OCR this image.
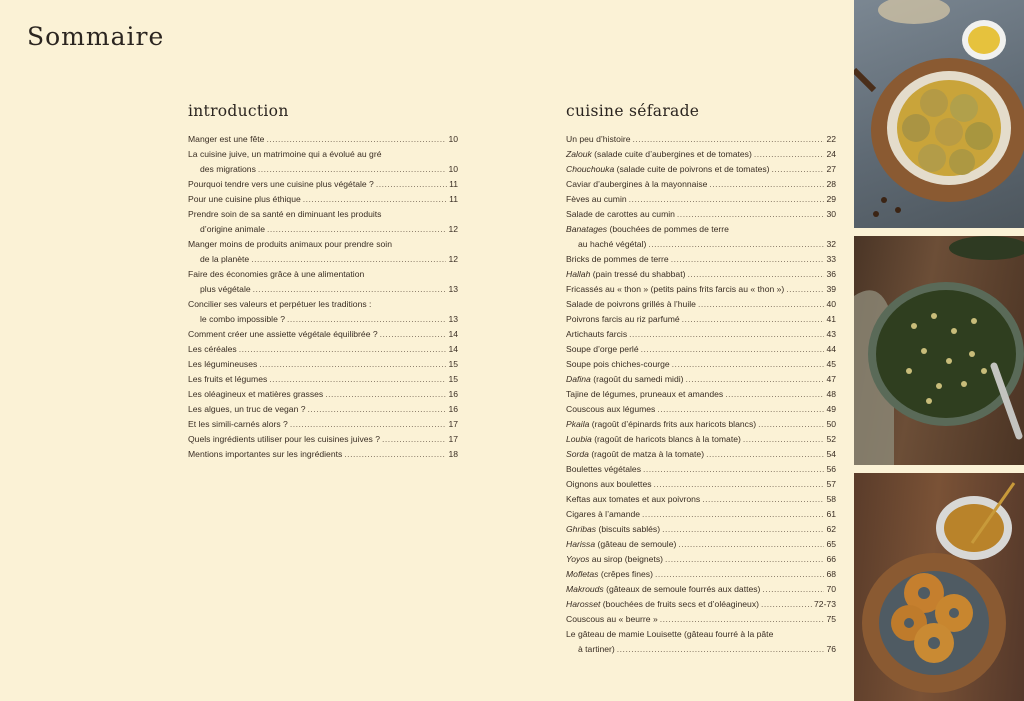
Sommaire
introduction
Manger est une fête .....	10
La cuisine juive, un matrimoine qui a évolué au gré
des migrations .....	10
Pourquoi tendre vers une cuisine plus végétale ? .....	11
Pour une cuisine plus éthique .....	11
Prendre soin de sa santé en diminuant les produits
d’origine animale .....	12
Manger moins de produits animaux pour prendre soin
de la planète .....	12
Faire des économies grâce à une alimentation
plus végétale .....	13
Concilier ses valeurs et perpétuer les traditions :
le combo impossible ? .....	13
Comment créer une assiette végétale équilibrée ? .....	14
Les céréales .....	14
Les légumineuses .....	15
Les fruits et légumes .....	15
Les oléagineux et matières grasses .....	16
Les algues, un truc de vegan ? .....	16
Et les simili-carnés alors ? .....	17
Quels ingrédients utiliser pour les cuisines juives ? .....	17
Mentions importantes sur les ingrédients .....	18
cuisine séfarade
Un peu d’histoire .....	22
Zalouk (salade cuite d’aubergines et de tomates) .....	24
Chouchouka (salade cuite de poivrons et de tomates) .....	27
Caviar d’aubergines à la mayonnaise .....	28
Fèves au cumin .....	29
Salade de carottes au cumin .....	30
Banatages (bouchées de pommes de terre
au haché végétal) .....	32
Bricks de pommes de terre .....	33
Hallah (pain tressé du shabbat) .....	36
Fricassés au « thon » (petits pains frits farcis au « thon ») .....	39
Salade de poivrons grillés à l’huile .....	40
Poivrons farcis au riz parfumé .....	41
Artichauts farcis .....	43
Soupe d’orge perlé .....	44
Soupe pois chiches-courge .....	45
Dafina (ragoût du samedi midi) .....	47
Tajine de légumes, pruneaux et amandes .....	48
Couscous aux légumes .....	49
Pkaila (ragoût d’épinards frits aux haricots blancs) .....	50
Loubia (ragoût de haricots blancs à la tomate) .....	52
Sorda (ragoût de matza à la tomate) .....	54
Boulettes végétales .....	56
Oignons aux boulettes .....	57
Keftas aux tomates et aux poivrons .....	58
Cigares à l’amande .....	61
Ghribas (biscuits sablés) .....	62
Harissa (gâteau de semoule) .....	65
Yoyos au sirop (beignets) .....	66
Mofletas (crêpes fines) .....	68
Makrouds (gâteaux de semoule fourrés aux dattes) .....	70
Harosset (bouchées de fruits secs et d’oléagineux) .....	72-73
Couscous au « beurre » .....	75
Le gâteau de mamie Louisette (gâteau fourré à la pâte
à tartiner) .....	76
